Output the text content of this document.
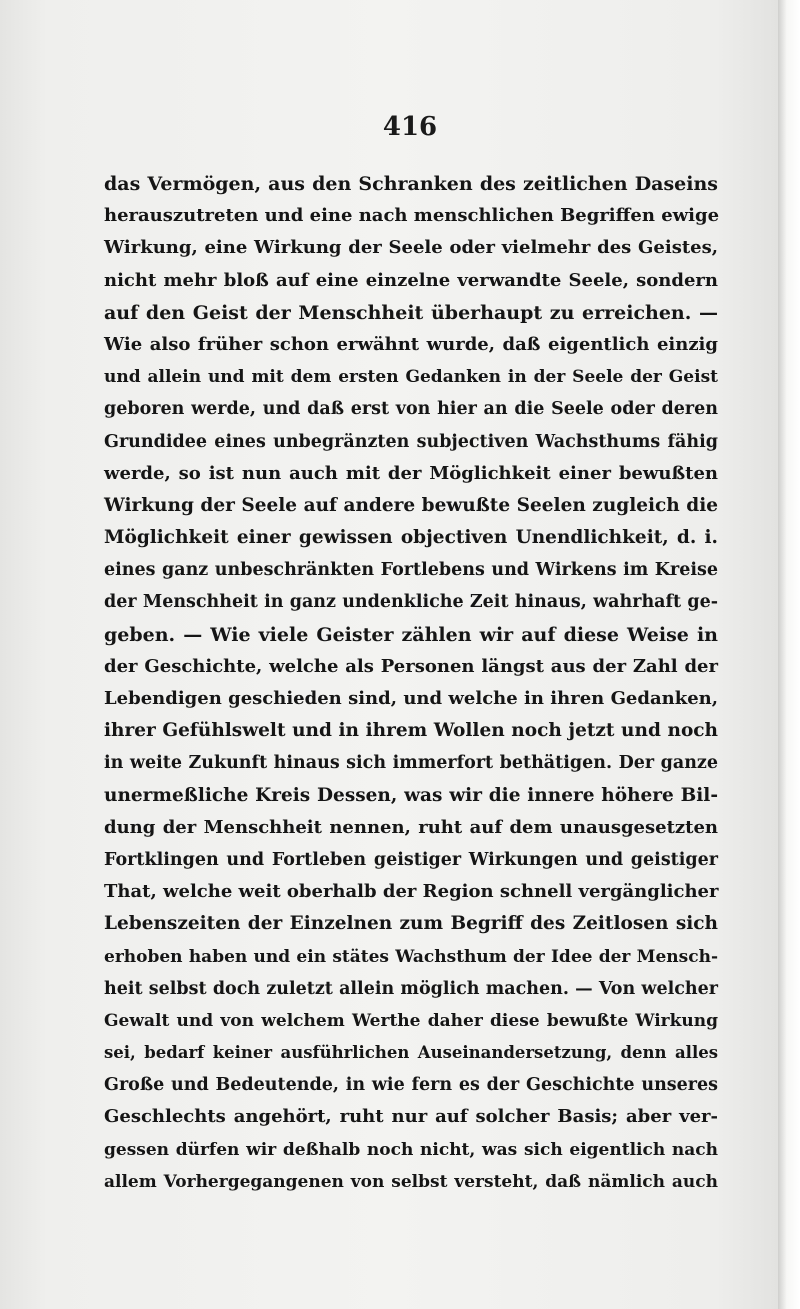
416
das Vermögen, aus den Schranken des zeitlichen Daseins
herauszutreten und eine nach menschlichen Begriffen ewige
Wirkung, eine Wirkung der Seele oder vielmehr des Geistes,
nicht mehr bloß auf eine einzelne verwandte Seele, sondern
auf den Geist der Menschheit überhaupt zu erreichen. —
Wie also früher schon erwähnt wurde, daß eigentlich einzig
und allein und mit dem ersten Gedanken in der Seele der Geist
geboren werde, und daß erst von hier an die Seele oder deren
Grundidee eines unbegränzten subjectiven Wachsthums fähig
werde, so ist nun auch mit der Möglichkeit einer bewußten
Wirkung der Seele auf andere bewußte Seelen zugleich die
Möglichkeit einer gewissen objectiven Unendlichkeit, d. i.
eines ganz unbeschränkten Fortlebens und Wirkens im Kreise
der Menschheit in ganz undenkliche Zeit hinaus, wahrhaft ge-
geben. — Wie viele Geister zählen wir auf diese Weise in
der Geschichte, welche als Personen längst aus der Zahl der
Lebendigen geschieden sind, und welche in ihren Gedanken,
ihrer Gefühlswelt und in ihrem Wollen noch jetzt und noch
in weite Zukunft hinaus sich immerfort bethätigen. Der ganze
unermeßliche Kreis Dessen, was wir die innere höhere Bil-
dung der Menschheit nennen, ruht auf dem unausgesetzten
Fortklingen und Fortleben geistiger Wirkungen und geistiger
That, welche weit oberhalb der Region schnell vergänglicher
Lebenszeiten der Einzelnen zum Begriff des Zeitlosen sich
erhoben haben und ein stätes Wachsthum der Idee der Mensch-
heit selbst doch zuletzt allein möglich machen. — Von welcher
Gewalt und von welchem Werthe daher diese bewußte Wirkung
sei, bedarf keiner ausführlichen Auseinandersetzung, denn alles
Große und Bedeutende, in wie fern es der Geschichte unseres
Geschlechts angehört, ruht nur auf solcher Basis; aber ver-
gessen dürfen wir deßhalb noch nicht, was sich eigentlich nach
allem Vorhergegangenen von selbst versteht, daß nämlich auch
